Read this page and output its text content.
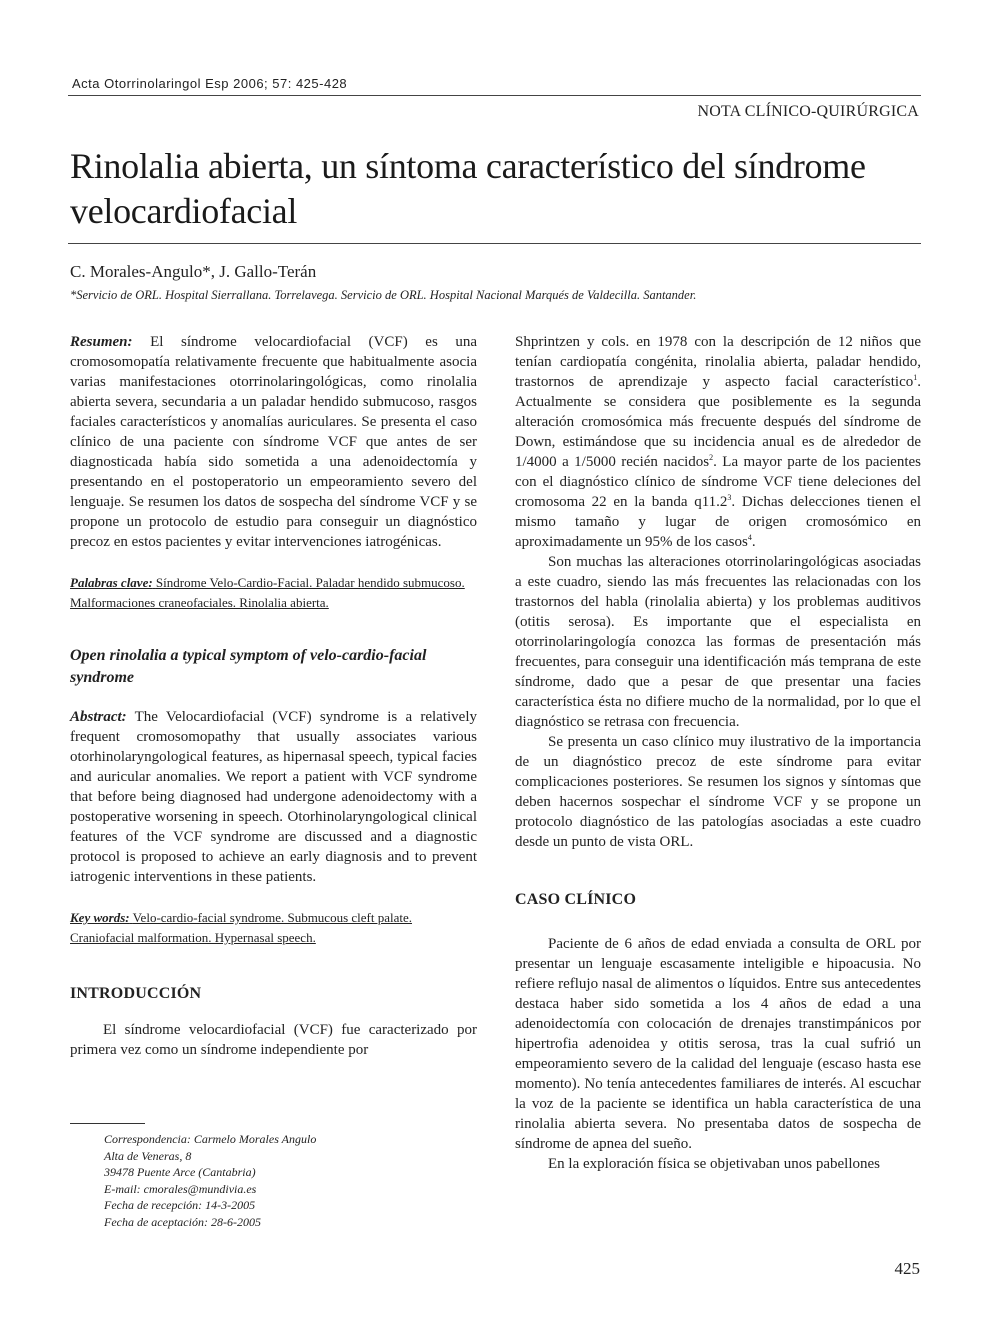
Acta Otorrinolaringol Esp 2006; 57: 425-428
NOTA CLÍNICO-QUIRÚRGICA
Rinolalia abierta, un síntoma característico del síndrome velocardiofacial
C. Morales-Angulo*, J. Gallo-Terán
*Servicio de ORL. Hospital Sierrallana. Torrelavega. Servicio de ORL. Hospital Nacional Marqués de Valdecilla. Santander.

Resumen: El síndrome velocardiofacial (VCF) es una cromosomopatía relativamente frecuente que habitualmente asocia varias manifestaciones otorrinolaringológicas, como rinolalia abierta severa, secundaria a un paladar hendido submucoso, rasgos faciales característicos y anomalías auriculares. Se presenta el caso clínico de una paciente con síndrome VCF que antes de ser diagnosticada había sido sometida a una adenoidectomía y presentando en el postoperatorio un empeoramiento severo del lenguaje. Se resumen los datos de sospecha del síndrome VCF y se propone un protocolo de estudio para conseguir un diagnóstico precoz en estos pacientes y evitar intervenciones iatrogénicas.

Palabras clave: Síndrome Velo-Cardio-Facial. Paladar hendido submucoso. Malformaciones craneofaciales. Rinolalia abierta.

Open rinolalia a typical symptom of velo-cardio-facial syndrome

Abstract: The Velocardiofacial (VCF) syndrome is a relatively frequent cromosomopathy that usually associates various otorhinolaryngological features, as hipernasal speech, typical facies and auricular anomalies. We report a patient with VCF syndrome that before being diagnosed had undergone adenoidectomy with a postoperative worsening in speech. Otorhinolaryngological clinical features of the VCF syndrome are discussed and a diagnostic protocol is proposed to achieve an early diagnosis and to prevent iatrogenic interventions in these patients.

Key words: Velo-cardio-facial syndrome. Submucous cleft palate. Craniofacial malformation. Hypernasal speech.

INTRODUCCIÓN

El síndrome velocardiofacial (VCF) fue caracterizado por primera vez como un síndrome independiente por

Shprintzen y cols. en 1978 con la descripción de 12 niños que tenían cardiopatía congénita, rinolalia abierta, paladar hendido, trastornos de aprendizaje y aspecto facial característico$^1$. Actualmente se considera que posiblemente es la segunda alteración cromosómica más frecuente después del síndrome de Down, estimándose que su incidencia anual es de alrededor de 1/4000 a 1/5000 recién nacidos$^2$. La mayor parte de los pacientes con el diagnóstico clínico de síndrome VCF tiene deleciones del cromosoma 22 en la banda q11.2$^3$. Dichas delecciones tienen el mismo tamaño y lugar de origen cromosómico en aproximadamente un 95% de los casos$^4$.

Son muchas las alteraciones otorrinolaringológicas asociadas a este cuadro, siendo las más frecuentes las relacionadas con los trastornos del habla (rinolalia abierta) y los problemas auditivos (otitis serosa). Es importante que el especialista en otorrinolaringología conozca las formas de presentación más frecuentes, para conseguir una identificación más temprana de este síndrome, dado que a pesar de que presentar una facies característica ésta no difiere mucho de la normalidad, por lo que el diagnóstico se retrasa con frecuencia.

Se presenta un caso clínico muy ilustrativo de la importancia de un diagnóstico precoz de este síndrome para evitar complicaciones posteriores. Se resumen los signos y síntomas que deben hacernos sospechar el síndrome VCF y se propone un protocolo diagnóstico de las patologías asociadas a este cuadro desde un punto de vista ORL.

CASO CLÍNICO

Paciente de 6 años de edad enviada a consulta de ORL por presentar un lenguaje escasamente inteligible e hipoacusia. No refiere reflujo nasal de alimentos o líquidos. Entre sus antecedentes destaca haber sido sometida a los 4 años de edad a una adenoidectomía con colocación de drenajes transtimpánicos por hipertrofia adenoidea y otitis serosa, tras la cual sufrió un empeoramiento severo de la calidad del lenguaje (escaso hasta ese momento). No tenía antecedentes familiares de interés. Al escuchar la voz de la paciente se identifica un habla característica de una rinolalia abierta severa. No presentaba datos de sospecha de síndrome de apnea del sueño.

En la exploración física se objetivaban unos pabellones

Correspondencia: Carmelo Morales Angulo
Alta de Veneras, 8
39478 Puente Arce (Cantabria)
E-mail: cmorales@mundivia.es
Fecha de recepción: 14-3-2005
Fecha de aceptación: 28-6-2005
425
